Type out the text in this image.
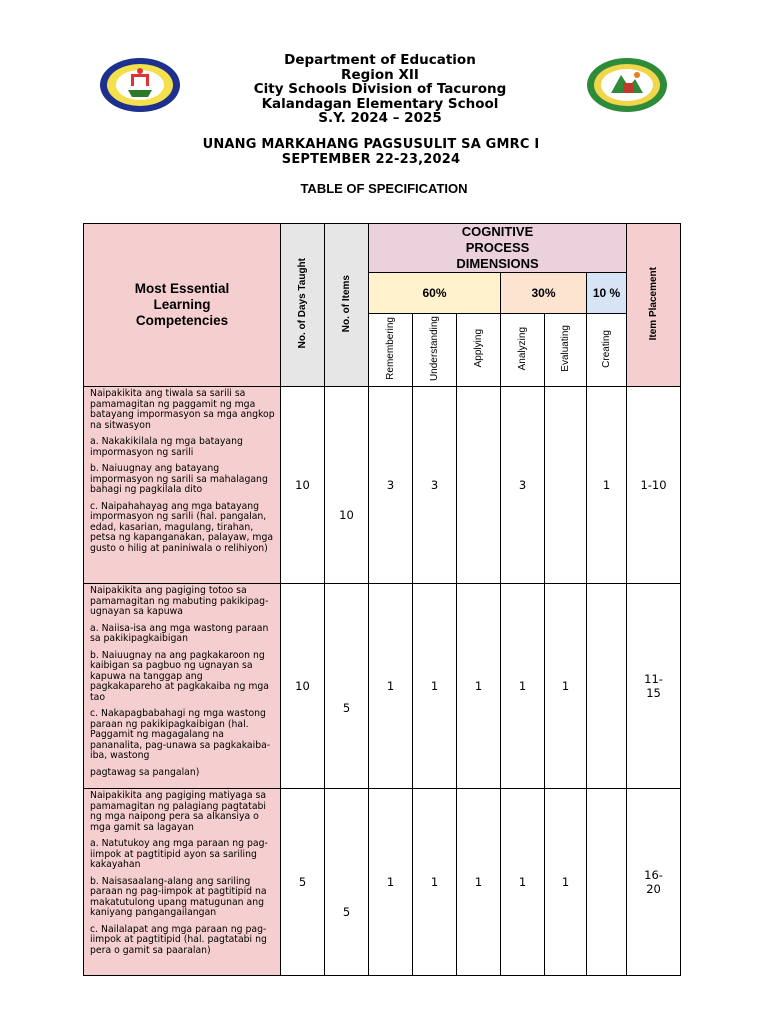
Department of Education
Region XII
City Schools Division of Tacurong
Kalandagan Elementary School
S.Y. 2024 – 2025
UNANG MARKAHANG PAGSUSULIT SA GMRC I
SEPTEMBER 22-23,2024
TABLE OF SPECIFICATION
Most Essential Learning Competencies	No. of Days Taught	No. of Items	COGNITIVE PROCESS DIMENSIONS						Item Placement
			60%			30%		10 %	
			Remembering	Understanding	Applying	Analyzing	Evaluating	Creating	

Naipakikita ang tiwala sa sarili sa pamamagitan ng paggamit ng mga batayang impormasyon sa mga angkop na sitwasyon

a. Nakakikilala ng mga batayang impormasyon ng sarili

b. Naiuugnay ang batayang impormasyon ng sarili sa mahalagang bahagi ng pagkilala dito

c. Naipahahayag ang mga batayang impormasyon ng sarili (hal. pangalan, edad, kasarian, magulang, tirahan, petsa ng kapanganakan, palayaw, mga gusto o hilig at paniniwala o relihiyon)	10	10	3	3		3		1	1-10

Naipakikita ang pagiging totoo sa pamamagitan ng mabuting pakikipag-ugnayan sa kapuwa

a. Naiisa-isa ang mga wastong paraan sa pakikipagkaibigan

b. Naiuugnay na ang pagkakaroon ng kaibigan sa pagbuo ng ugnayan sa kapuwa na tanggap ang pagkakapareho at pagkakaiba ng mga tao

c. Nakapagbabahagi ng mga wastong paraan ng pakikipagkaibigan (hal. Paggamit ng magagalang na pananalita, pag-unawa sa pagkakaiba-iba, wastong

pagtawag sa pangalan)	10	5	1	1	1	1	1		11-15

Naipakikita ang pagiging matiyaga sa pamamagitan ng palagiang pagtatabi ng mga naipong pera sa alkansiya o mga gamit sa lagayan

a. Natutukoy ang mga paraan ng pag-iimpok at pagtitipid ayon sa sariling kakayahan

b. Naisasaalang-alang ang sariling paraan ng pag-iimpok at pagtitipid na makatutulong upang matugunan ang kaniyang pangangailangan

c. Nailalapat ang mga paraan ng pag-iimpok at pagtitipid (hal. pagtatabi ng pera o gamit sa paaralan)	5	5	1	1	1	1	1		16-20
